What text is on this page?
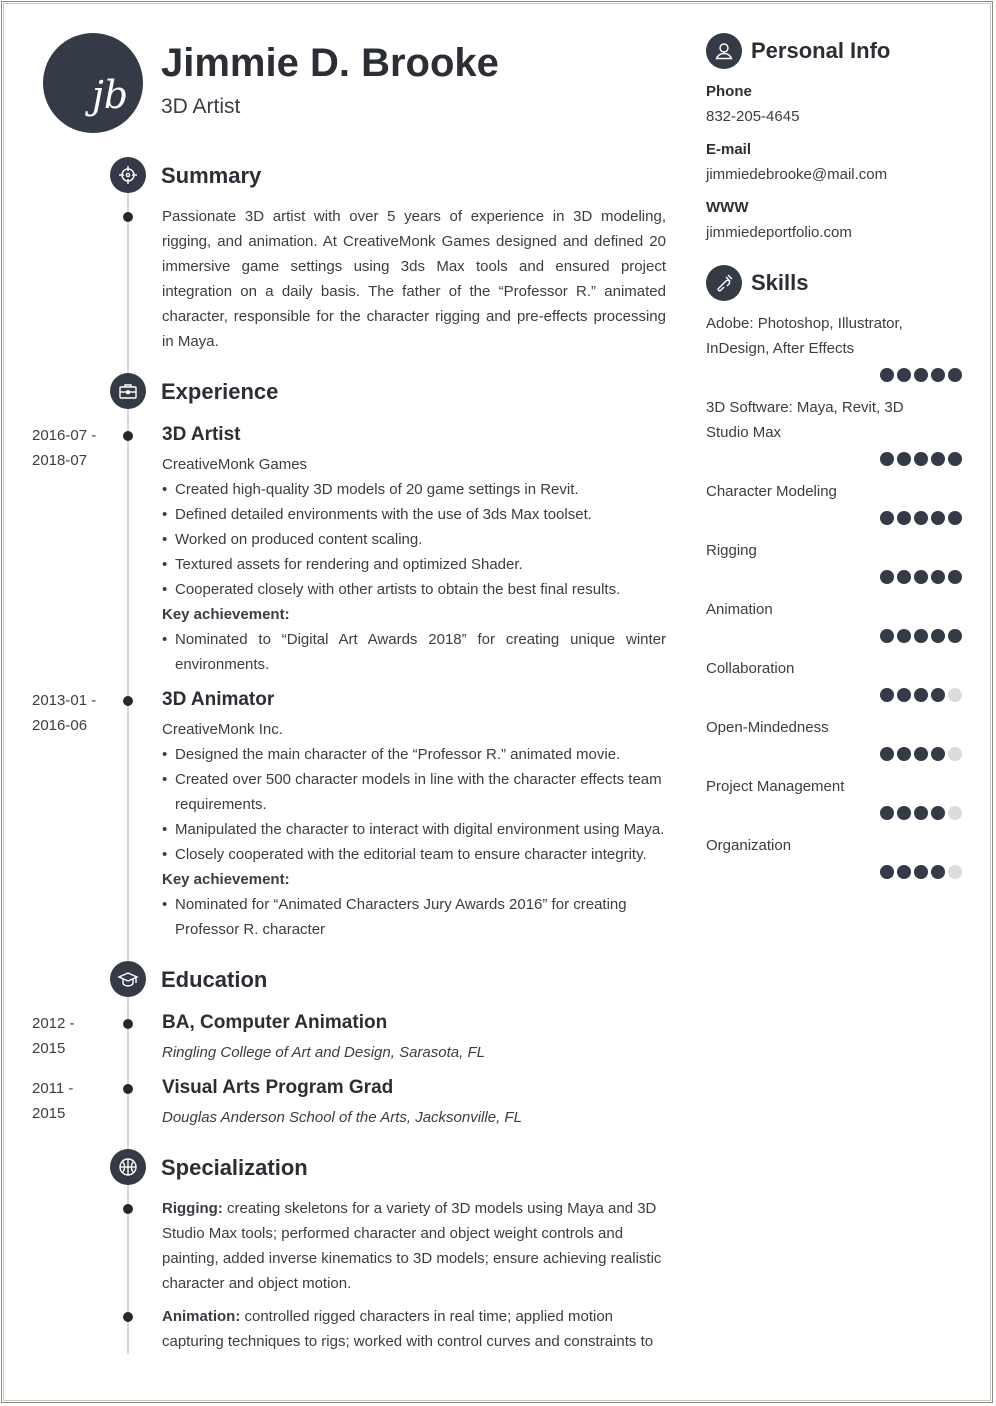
jb
Jimmie D. Brooke
3D Artist
Summary
Passionate 3D artist with over 5 years of experience in 3D modeling, rigging, and animation. At CreativeMonk Games designed and defined 20 immersive game settings using 3ds Max tools and ensured project integration on a daily basis. The father of the “Professor R.” animated character, responsible for the character rigging and pre-effects processing in Maya.
Experience
2016-07 -
2018-07
3D Artist
CreativeMonk Games
• Created high-quality 3D models of 20 game settings in Revit.
• Defined detailed environments with the use of 3ds Max toolset.
• Worked on produced content scaling.
• Textured assets for rendering and optimized Shader.
• Cooperated closely with other artists to obtain the best final results.
Key achievement:
• Nominated to “Digital Art Awards 2018” for creating unique winter environments.
2013-01 -
2016-06
3D Animator
CreativeMonk Inc.
• Designed the main character of the “Professor R.” animated movie.
• Created over 500 character models in line with the character effects team requirements.
• Manipulated the character to interact with digital environment using Maya.
• Closely cooperated with the editorial team to ensure character integrity.
Key achievement:
• Nominated for “Animated Characters Jury Awards 2016” for creating Professor R. character
Education
2012 -
2015
BA, Computer Animation
Ringling College of Art and Design, Sarasota, FL
2011 -
2015
Visual Arts Program Grad
Douglas Anderson School of the Arts, Jacksonville, FL
Specialization
Rigging: creating skeletons for a variety of 3D models using Maya and 3D Studio Max tools; performed character and object weight controls and painting, added inverse kinematics to 3D models; ensure achieving realistic character and object motion.
Animation: controlled rigged characters in real time; applied motion capturing techniques to rigs; worked with control curves and constraints to
Personal Info
Phone
832-205-4645
E-mail
jimmiedebrooke@mail.com
WWW
jimmiedeportfolio.com
Skills
Adobe: Photoshop, Illustrator, InDesign, After Effects
3D Software: Maya, Revit, 3D Studio Max
Character Modeling
Rigging
Animation
Collaboration
Open-Mindedness
Project Management
Organization
